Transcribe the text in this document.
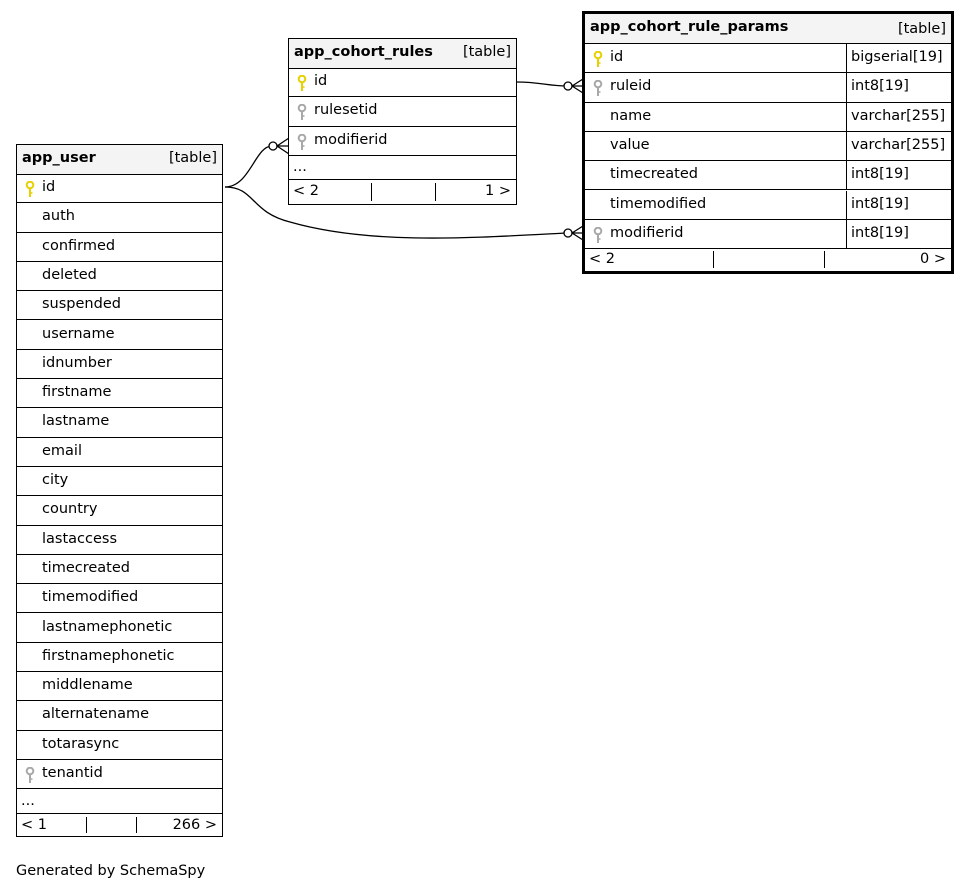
app_user	[table]
id
auth
confirmed
deleted
suspended
username
idnumber
firstname
lastname
email
city
country
lastaccess
timecreated
timemodified
lastnamephonetic
firstnamephonetic
middlename
alternatename
totarasync
tenantid
...
< 1	266 >
app_cohort_rules [table]
id
rulesetid
modifierid
...
< 2	1 >
app_cohort_rule_params	[table]
id	bigserial[19]
ruleid	int8[19]
name	varchar[255]
value	varchar[255]
timecreated	int8[19]
timemodified	int8[19]
modifierid	int8[19]
< 2	0 >
Generated by SchemaSpy
